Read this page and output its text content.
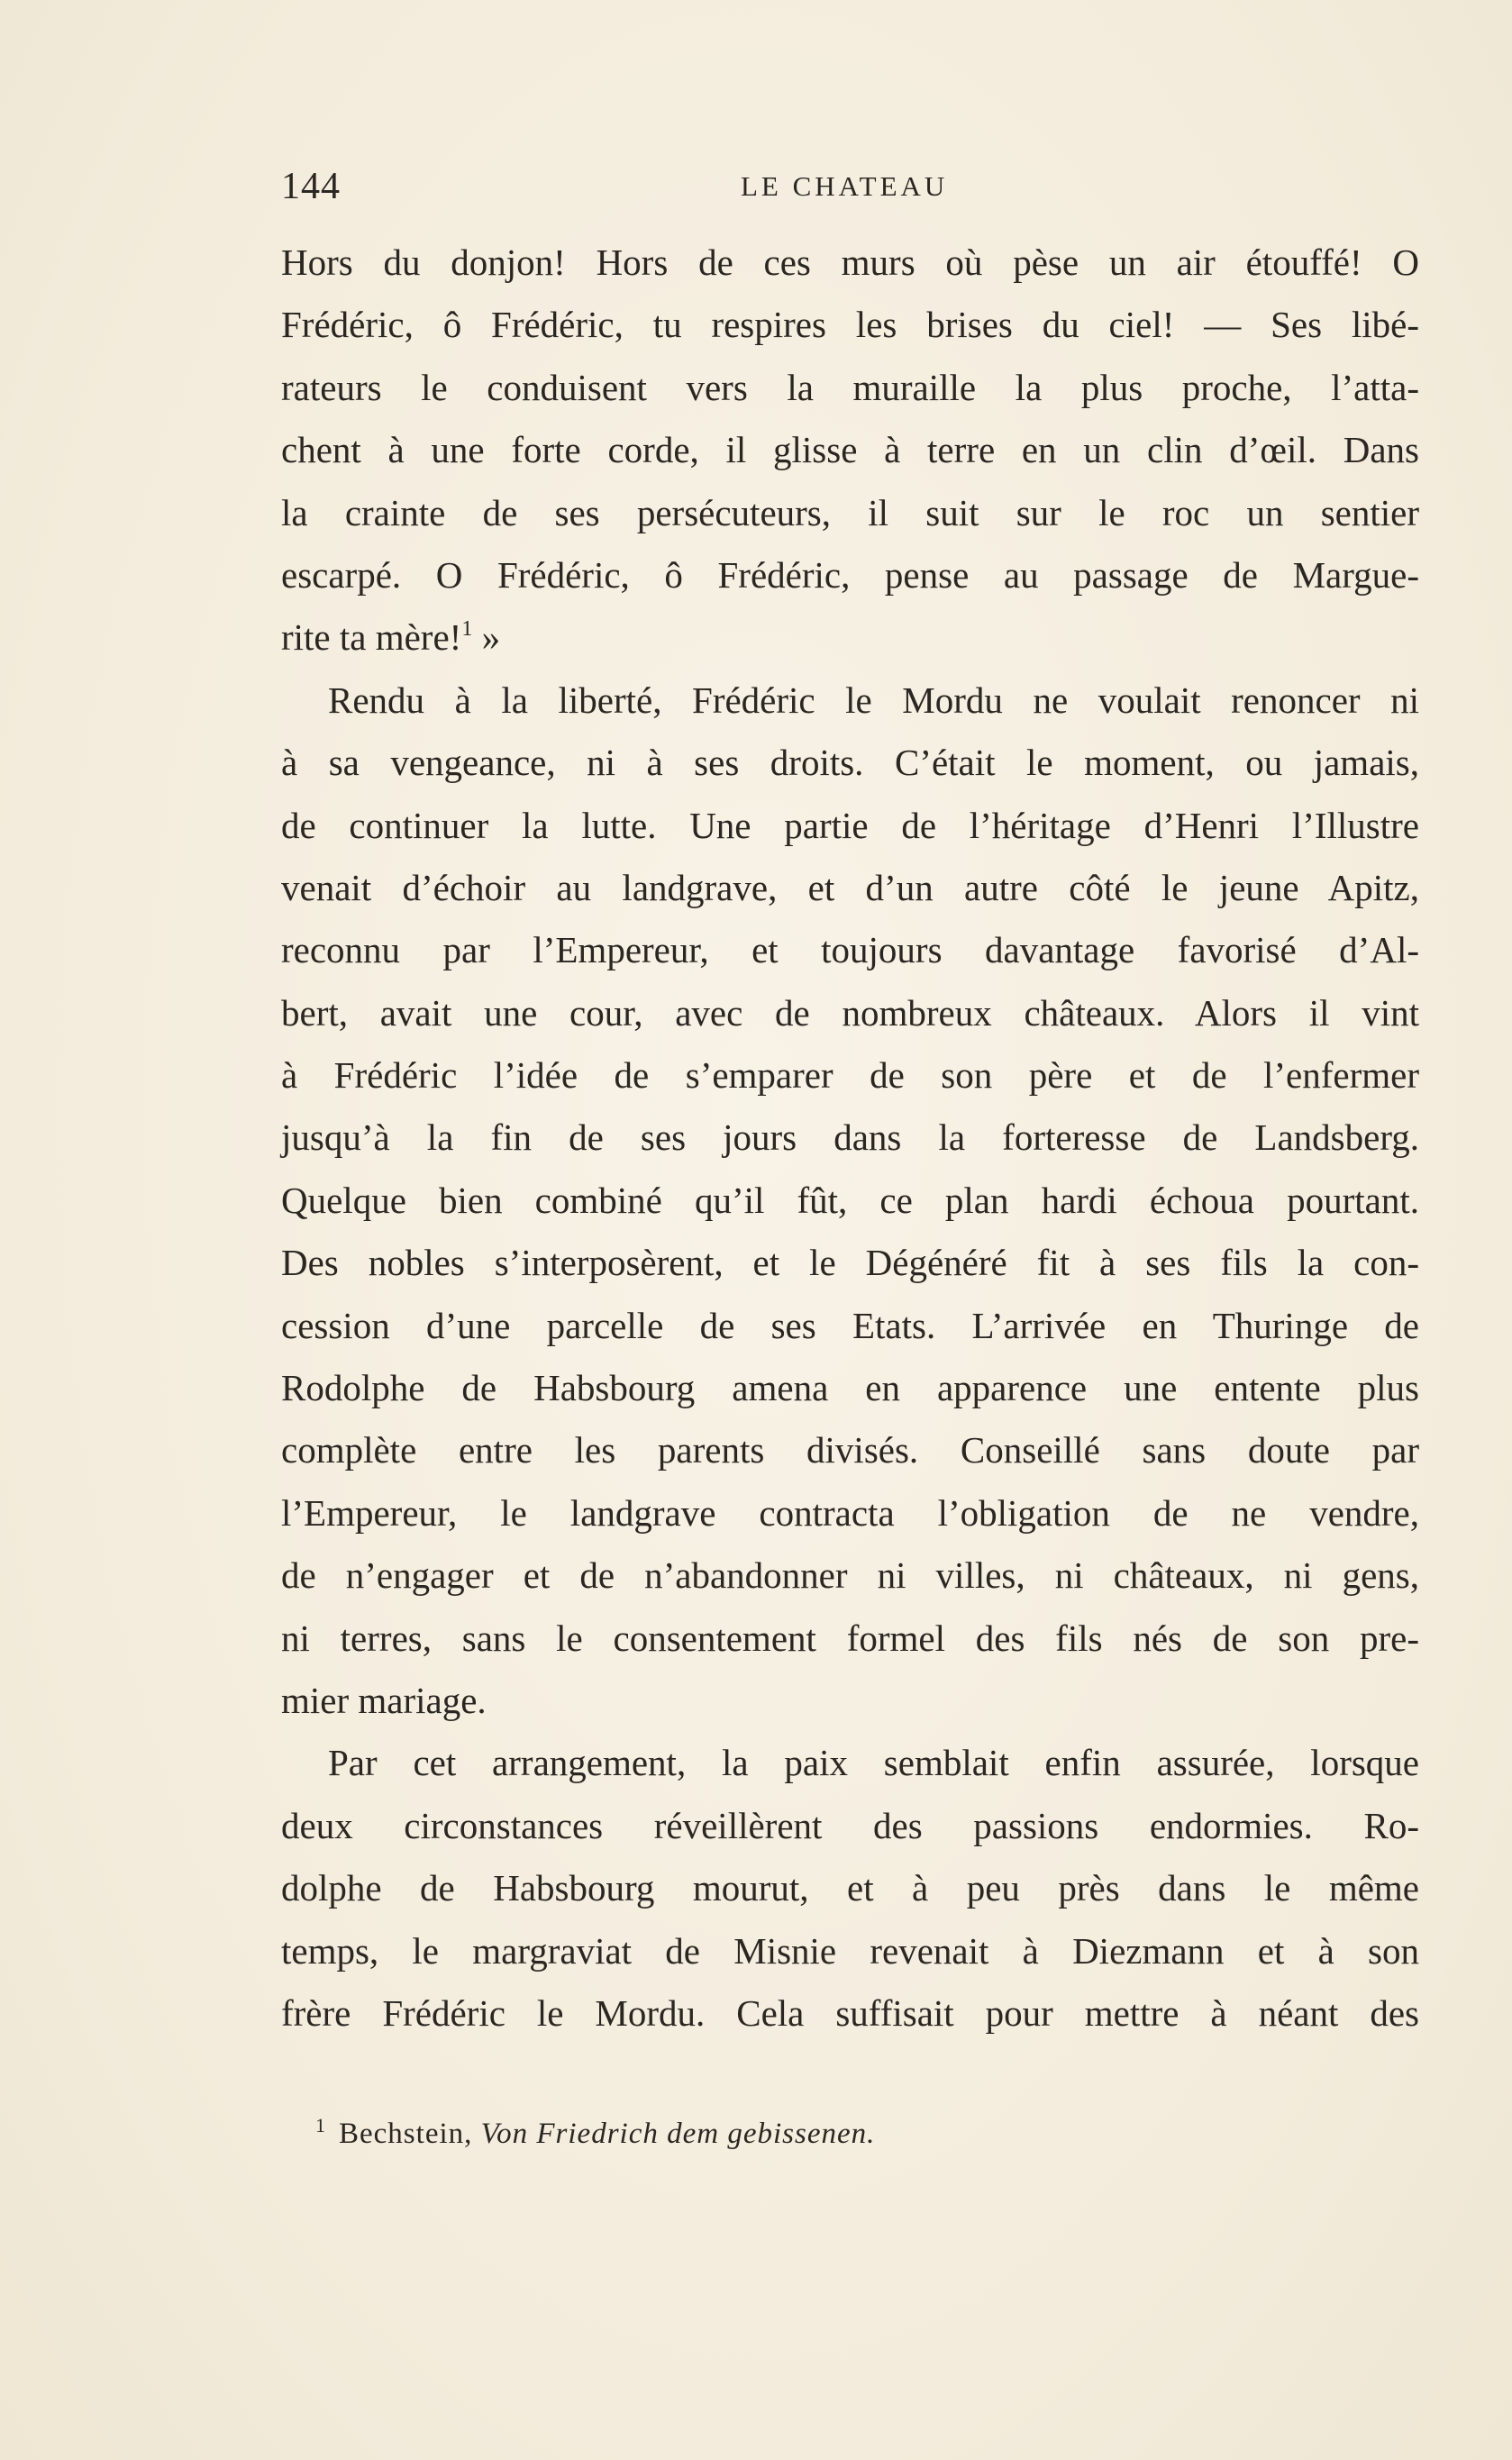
144	LE CHATEAU
Hors du donjon! Hors de ces murs où pèse un air étouffé! O
Frédéric, ô Frédéric, tu respires les brises du ciel! — Ses libé-
rateurs le conduisent vers la muraille la plus proche, l’atta-
chent à une forte corde, il glisse à terre en un clin d’œil. Dans
la crainte de ses persécuteurs, il suit sur le roc un sentier
escarpé. O Frédéric, ô Frédéric, pense au passage de Margue-
rite ta mère!$^1$ »
Rendu à la liberté, Frédéric le Mordu ne voulait renoncer ni
à sa vengeance, ni à ses droits. C’était le moment, ou jamais,
de continuer la lutte. Une partie de l’héritage d’Henri l’Illustre
venait d’échoir au landgrave, et d’un autre côté le jeune Apitz,
reconnu par l’Empereur, et toujours davantage favorisé d’Al-
bert, avait une cour, avec de nombreux châteaux. Alors il vint
à Frédéric l’idée de s’emparer de son père et de l’enfermer
jusqu’à la fin de ses jours dans la forteresse de Landsberg.
Quelque bien combiné qu’il fût, ce plan hardi échoua pourtant.
Des nobles s’interposèrent, et le Dégénéré fit à ses fils la con-
cession d’une parcelle de ses Etats. L’arrivée en Thuringe de
Rodolphe de Habsbourg amena en apparence une entente plus
complète entre les parents divisés. Conseillé sans doute par
l’Empereur, le landgrave contracta l’obligation de ne vendre,
de n’engager et de n’abandonner ni villes, ni châteaux, ni gens,
ni terres, sans le consentement formel des fils nés de son pre-
mier mariage.
Par cet arrangement, la paix semblait enfin assurée, lorsque
deux circonstances réveillèrent des passions endormies. Ro-
dolphe de Habsbourg mourut, et à peu près dans le même
temps, le margraviat de Misnie revenait à Diezmann et à son
frère Frédéric le Mordu. Cela suffisait pour mettre à néant des
$^1$ Bechstein, Von Friedrich dem gebissenen.
